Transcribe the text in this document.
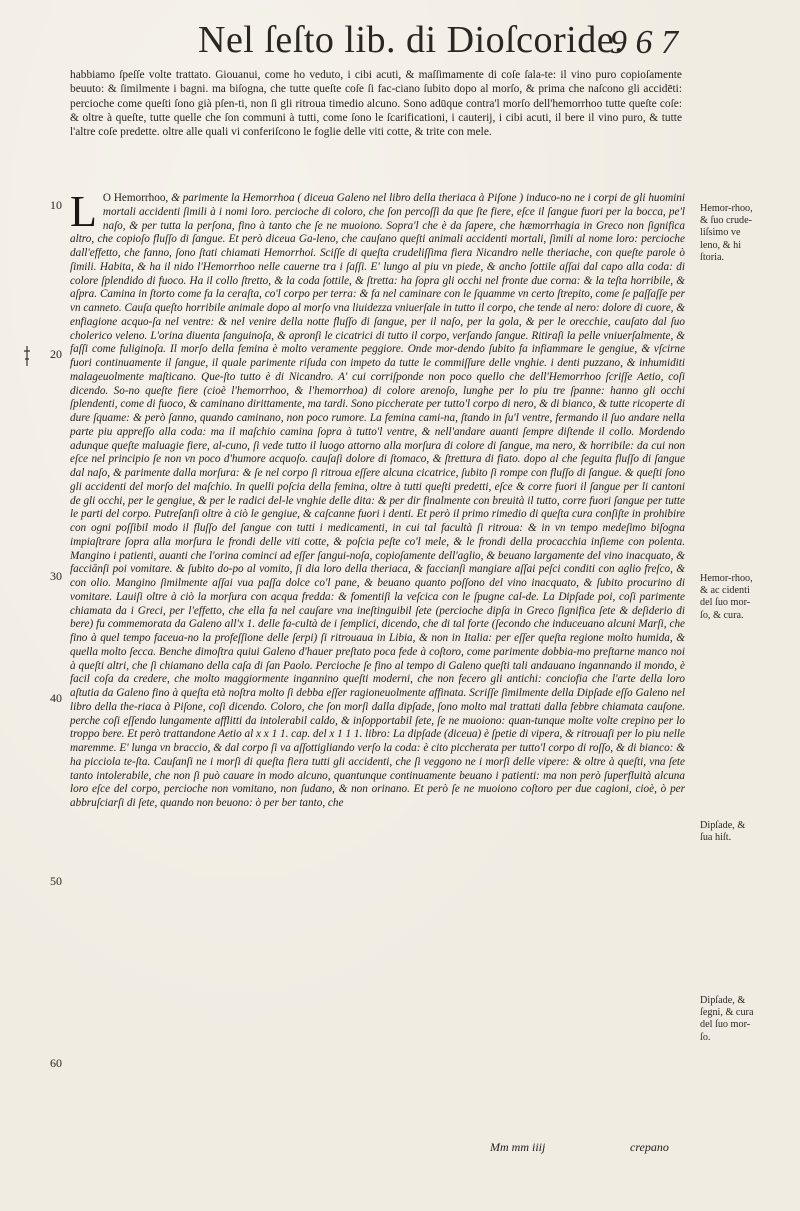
Nel ſeſto lib. di Dioſcoride.
9 6 7
habbiamo ſpeſſe volte trattato. Giouanui, come ho veduto, i cibi acuti, & maſſimamente di coſe ſala-te: il vino puro copioſamente beuuto: & ſimilmente i bagni. ma biſogna, che tutte queſte coſe ſi fac-ciano ſubito dopo al morſo, & prima che naſcono gli accidēti: percioche come queſti ſono già pſen-ti, non ſi gli ritroua timedio alcuno. Sono adūque contra'l morſo dell'hemorrhoo tutte queſte coſe: & oltre à queſte, tutte quelle che ſon communi à tutti, come ſono le ſcarificationi, i cauterij, i cibi acuti, il bere il vino puro, & tutte l'altre coſe predette. oltre alle quali vi conferiſcono le foglie delle viti cotte, & trite con mele.
L O Hemorrhoo, & parimente la Hemorrhoa ( diceua Galeno nel libro della theriaca à Piſone ) induco-no ne i corpi de gli huomini mortali accidenti ſimili à i nomi loro. percioche di coloro, che ſon percoſſi da que ſte fiere, eſce il ſangue fuori per la bocca, pe'l naſo, & per tutta la perſona, fino à tanto che ſe ne muoiono. Sopra'l che è da ſapere, che hæmorrhagia in Greco non ſignifica altro, che copioſo fluſſo di ſangue. Et però diceua Ga-leno, che cauſano queſti animali accidenti mortali, ſimili al nome loro: percioche dall'effetto, che fanno, ſono ſtati chiamati Hemorrhoi. Sciſſe di queſta crudeliſſima fiera Nicandro nelle theriache, con queſte parole ò ſimili. Habita, & ha il nido l'Hemorrhoo nelle cauerne tra i ſaſſi. E' lungo al piu vn piede, & ancho ſottile aſſai dal capo alla coda: di colore ſplendido di fuoco. Ha il collo ſtretto, & la coda ſottile, & ſtretta: ha ſopra gli occhi nel fronte due corna: & la teſta horribile, & aſpra. Camina in ſtorto come fa la ceraſta, co'l corpo per terra: & fa nel caminare con le ſquamme vn certo ſtrepito, come ſe paſſaſſe per vn canneto. Cauſa queſto horribile animale dopo al morſo vna liuidezza vniuerſale in tutto il corpo, che tende al nero: dolore di cuore, & enfiagione acquo-ſa nel ventre: & nel venire della notte fluſſo di ſangue, per il naſo, per la gola, & per le orecchie, cauſato dal ſuo cholerico veleno. L'orina diuenta ſanguinoſa, & apronſi le cicatrici di tutto il corpo, verſando ſangue. Ritiraſi la pelle vniuerſalmente, & faſſi come fuliginoſa. Il morſo della femina è molto veramente peggiore. Onde mor-dendo ſubito fa infiammare le gengiue, & vſcirne fuori continuamente il ſangue, il quale parimente riſuda con impeto da tutte le commiſſure delle vnghie. i denti puzzano, & inhumiditi malageuolmente maſticano. Que-ſto tutto è di Nicandro. A' cui corriſponde non poco quello che dell'Hemorrhoo ſcriſſe Aetio, coſi dicendo. So-no queſte fiere (cioè l'hemorrhoo, & l'hemorrhoa) di colore arenoſo, lunghe per lo piu tre ſpanne: hanno gli occhi ſplendenti, come di fuoco, & caminano dirittamente, ma tardi. Sono piccherate per tutto'l corpo di nero, & di bianco, & tutte ricoperte di dure ſquame: & però ſanno, quando caminano, non poco rumore. La femina cami-na, ſtando in ſu'l ventre, fermando il ſuo andare nella parte piu appreſſo alla coda: ma il maſchio camina ſopra à tutto'l ventre, & nell'andare auanti ſempre diſtende il collo. Mordendo adunque queſte maluagie fiere, al-cuno, ſi vede tutto il luogo attorno alla morſura di colore di ſangue, ma nero, & horribile: da cui non eſce nel principio ſe non vn poco d'humore acquoſo. cauſaſi dolore di ſtomaco, & ſtrettura di fiato. dopo al che ſeguita fluſſo di ſangue dal naſo, & parimente dalla morſura: & ſe nel corpo ſi ritroua eſſere alcuna cicatrice, ſubito ſi rompe con fluſſo di ſangue. & queſti ſono gli accidenti del morſo del maſchio. In quelli poſcia della femina, oltre à tutti queſti predetti, eſce & corre fuori il ſangue per li cantoni de gli occhi, per le gengiue, & per le radici del-le vnghie delle dita: & per dir finalmente con breuità il tutto, corre fuori ſangue per tutte le parti del corpo. Putreſanſi oltre à ciò le gengiue, & caſcanne fuori i denti. Et però il primo rimedio di queſta cura conſiſte in prohibire con ogni poſſibil modo il fluſſo del ſangue con tutti i medicamenti, in cui tal facultà ſi ritroua: & in vn tempo medeſimo biſogna impiaſtrare ſopra alla morſura le frondi delle viti cotte, & poſcia peſte co'l mele, & le frondi della procacchia inſieme con polenta. Mangino i patienti, auanti che l'orina cominci ad eſſer ſangui-noſa, copioſamente dell'aglio, & beuano largamente del vino inacquato, & facciānſi poi vomitare. & ſubito do-po al vomito, ſi dia loro della theriaca, & faccianſi mangiare aſſai peſci conditi con aglio freſco, & con olio. Mangino ſimilmente aſſai vua paſſa dolce co'l pane, & beuano quanto poſſono del vino inacquato, & ſubito procurino di vomitare. Lauiſi oltre à ciò la morſura con acqua fredda: & fomentiſi la veſcica con le ſpugne cal-de. La Dipſade poi, coſi parimente chiamata da i Greci, per l'effetto, che ella fa nel cauſare vna ineſtinguibil ſete (percioche dipſa in Greco ſignifica ſete & deſiderio di bere) fu commemorata da Galeno all'x 1. delle fa-cultà de i ſemplici, dicendo, che di tal forte (ſecondo che induceuano alcuni Marſi, che fino à quel tempo faceua-no la profeſſione delle ſerpi) ſi ritrouaua in Libia, & non in Italia: per eſſer queſta regione molto humida, & quella molto ſecca. Benche dimoſtra quiui Galeno d'hauer preſtato poca fede à coſtoro, come parimente dobbia-mo preſtarne manco noi à queſti altri, che ſi chiamano della caſa di ſan Paolo. Percioche ſe fino al tempo di Galeno queſti tali andauano ingannando il mondo, è facil coſa da credere, che molto maggiormente ingannino queſti moderni, che non fecero gli antichi: conciofia che l'arte della loro aſtutia da Galeno fino à queſta età noſtra molto ſi debba eſſer ragioneuolmente affinata. Scriſſe ſimilmente della Dipſade eſſo Galeno nel libro della the-riaca à Piſone, coſi dicendo. Coloro, che ſon morſi dalla dipſade, ſono molto mal trattati dalla febbre chiamata cauſone. perche coſi eſſendo lungamente afflitti da intolerabil caldo, & inſopportabil ſete, ſe ne muoiono: quan-tunque molte volte crepino per lo troppo bere. Et però trattandone Aetio al x x 1 1. cap. del x 1 1 1. libro: La dipſade (diceua) è ſpetie di vipera, & ritrouaſi per lo piu nelle maremme. E' lunga vn braccio, & dal corpo ſi va aſſottigliando verſo la coda: è cito piccherata per tutto'l corpo di roſſo, & di bianco: & ha picciola te-ſta. Cauſanſi ne i morſi di queſta fiera tutti gli accidenti, che ſi veggono ne i morſi delle vipere: & oltre à queſti, vna ſete tanto intolerabile, che non ſi può cauare in modo alcuno, quantunque continuamente beuano i patienti: ma non però ſuperfluità alcuna loro eſce del corpo, percioche non vomitano, non ſudano, & non orinano. Et però ſe ne muoiono coſtoro per due cagioni, cioè, ò per abbruſciarſi di ſete, quando non beuono: ò per ber tanto, che
Mm mm iiij	crepano
Hemor-rhoo, & ſuo crude-liſsimo ve leno, & hi ſtoria.
Hemor-rhoo, & ac cidenti del ſuo mor-ſo, & cura.
Dipſade, & ſua hiſt.
Dipſade, & ſegni, & cura del ſuo mor-ſo.
10
20
30
40
50
60
